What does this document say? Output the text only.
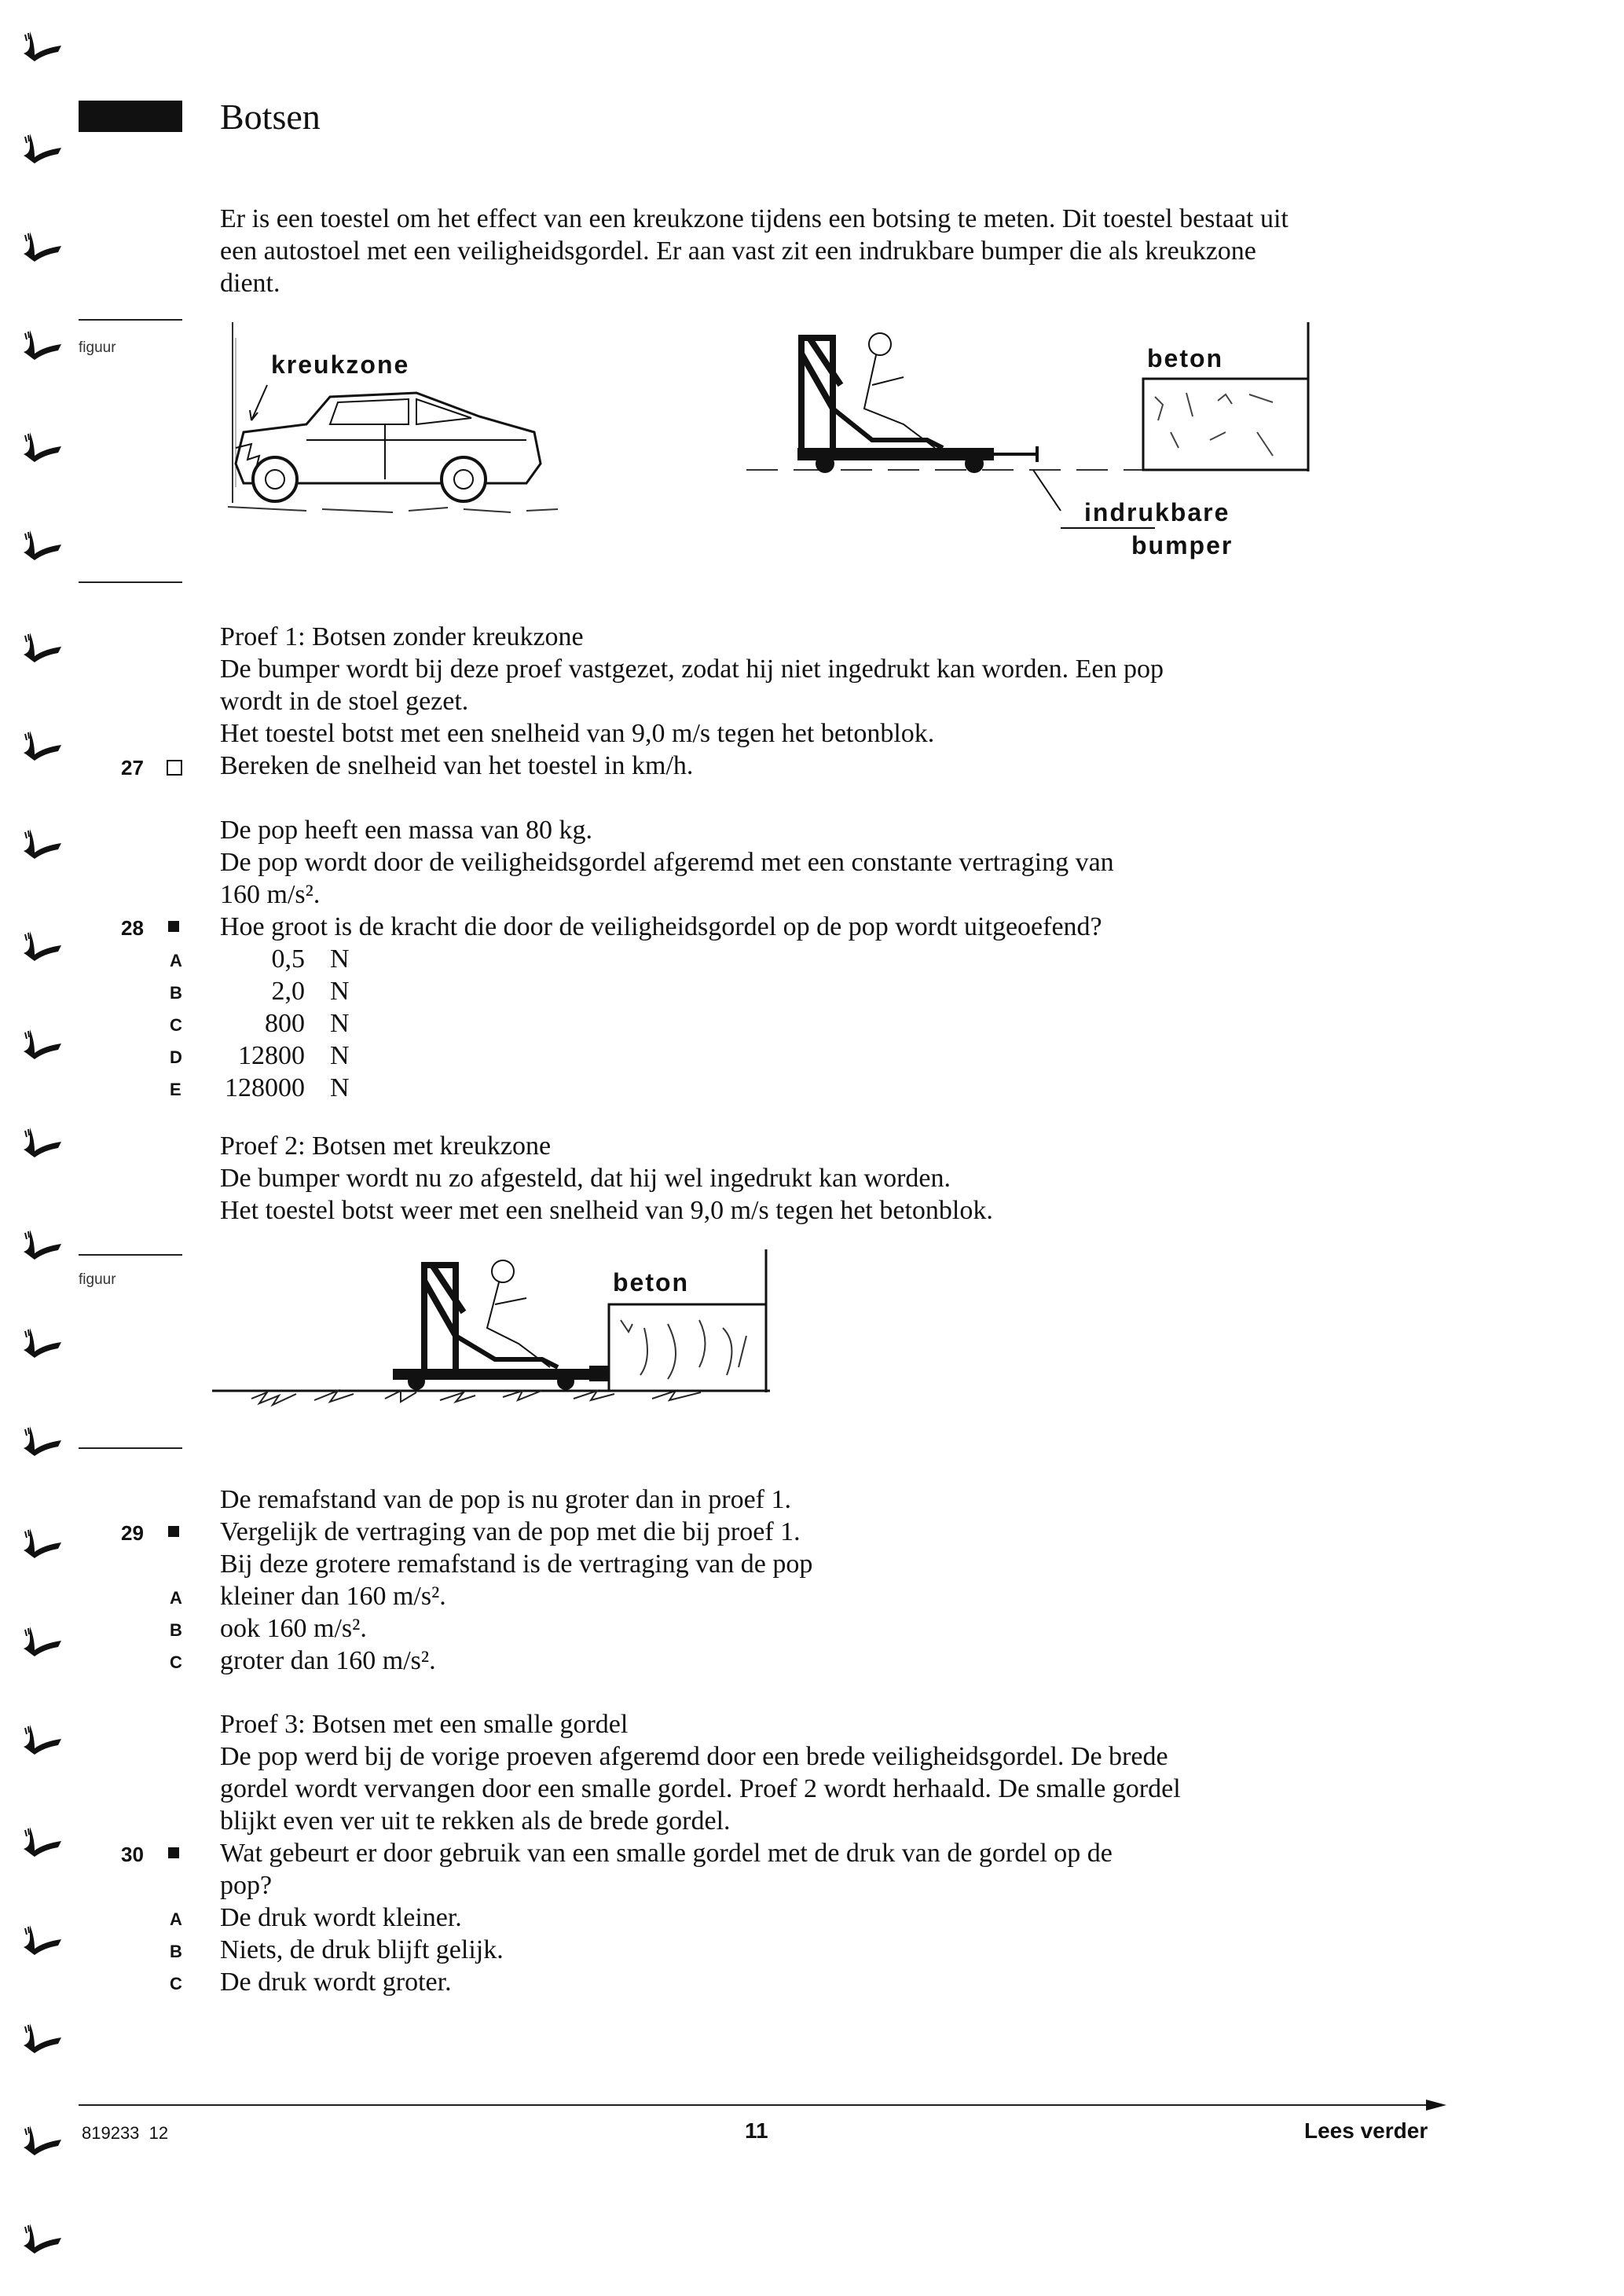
Botsen
Er is een toestel om het effect van een kreukzone tijdens een botsing te meten. Dit toestel bestaat uit een autostoel met een veiligheidsgordel. Er aan vast zit een indrukbare bumper die als kreukzone dient.
figuur
kreukzone	beton
indrukbare
bumper
Proef 1: Botsen zonder kreukzone
De bumper wordt bij deze proef vastgezet, zodat hij niet ingedrukt kan worden. Een pop
wordt in de stoel gezet.
Het toestel botst met een snelheid van 9,0 m/s tegen het betonblok.
27	Bereken de snelheid van het toestel in km/h.
De pop heeft een massa van 80 kg.
De pop wordt door de veiligheidsgordel afgeremd met een constante vertraging van
160 m/s².
28	Hoe groot is de kracht die door de veiligheidsgordel op de pop wordt uitgeoefend?
A	0,5 N
B	2,0 N
C	800 N
D	12800 N
E 128000 N
Proef 2: Botsen met kreukzone
De bumper wordt nu zo afgesteld, dat hij wel ingedrukt kan worden.
Het toestel botst weer met een snelheid van 9,0 m/s tegen het betonblok.
figuur	beton
De remafstand van de pop is nu groter dan in proef 1.
29	Vergelijk de vertraging van de pop met die bij proef 1.
Bij deze grotere remafstand is de vertraging van de pop
A kleiner dan 160 m/s².
B ook 160 m/s².
C groter dan 160 m/s².
Proef 3: Botsen met een smalle gordel
De pop werd bij de vorige proeven afgeremd door een brede veiligheidsgordel. De brede
gordel wordt vervangen door een smalle gordel. Proef 2 wordt herhaald. De smalle gordel
blijkt even ver uit te rekken als de brede gordel.
30	Wat gebeurt er door gebruik van een smalle gordel met de druk van de gordel op de
pop?
A De druk wordt kleiner.
B Niets, de druk blijft gelijk.
C De druk wordt groter.
819233  12	11	Lees verder
